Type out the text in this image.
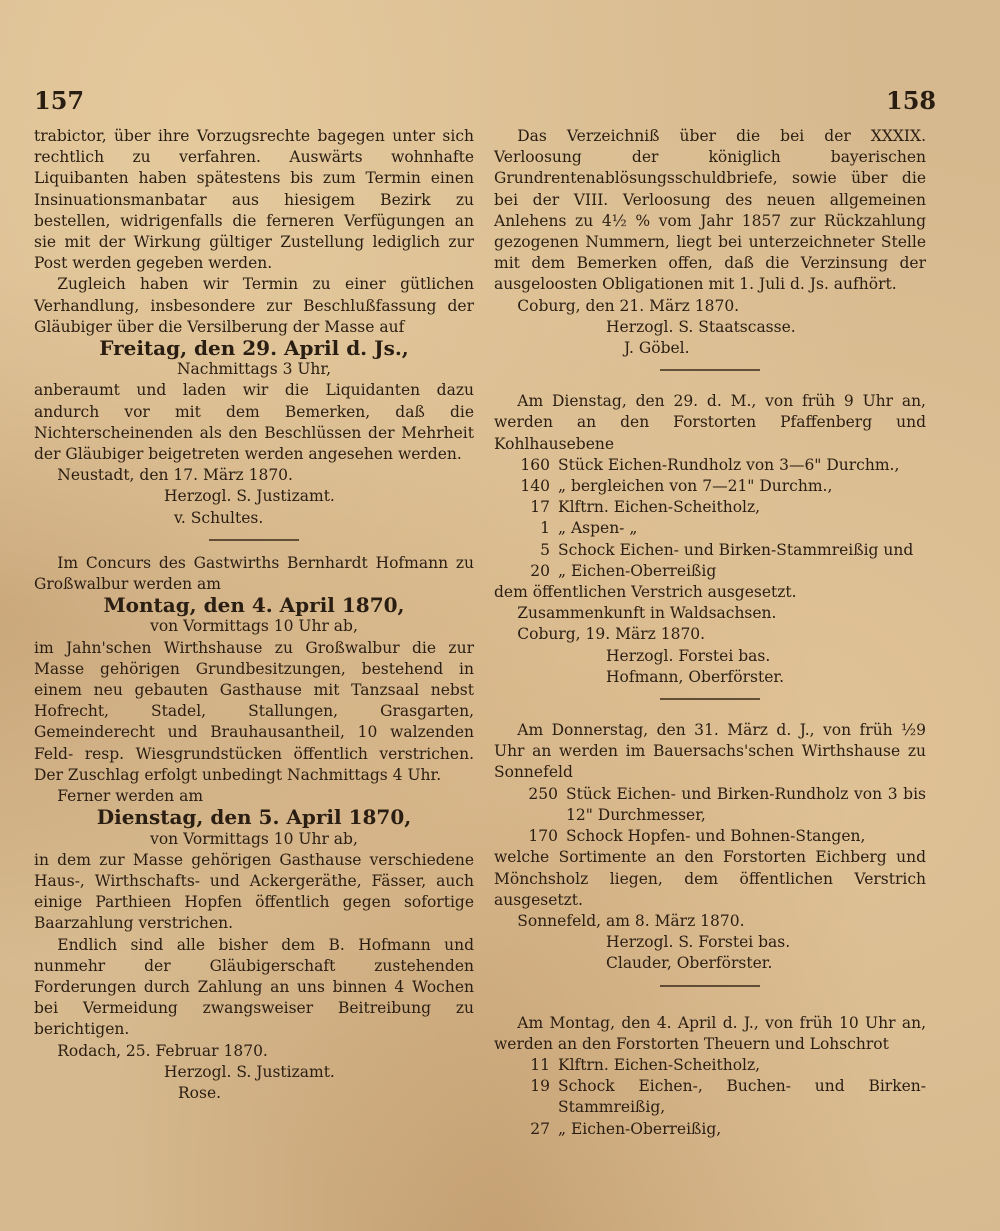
157	158

trabictor, über ihre Vorzugsrechte bagegen unter sich rechtlich zu verfahren. Auswärts wohnhafte Liquibanten haben spätestens bis zum Termin einen Insinuationsmanbatar aus hiesigem Bezirk zu bestellen, widrigenfalls die ferneren Verfügungen an sie mit der Wirkung gültiger Zustellung lediglich zur Post werden gegeben werden.

Zugleich haben wir Termin zu einer gütlichen Verhandlung, insbesondere zur Beschlußfassung der Gläubiger über die Versilberung der Masse auf

Freitag, den 29. April d. Js.,

Nachmittags 3 Uhr,

anberaumt und laden wir die Liquidanten dazu andurch vor mit dem Bemerken, daß die Nichterscheinenden als den Beschlüssen der Mehrheit der Gläubiger beigetreten werden angesehen werden.

Neustadt, den 17. März 1870.

Herzogl. S. Justizamt.

v. Schultes.

Im Concurs des Gastwirths Bernhardt Hofmann zu Großwalbur werden am

Montag, den 4. April 1870,

von Vormittags 10 Uhr ab,

im Jahn'schen Wirthshause zu Großwalbur die zur Masse gehörigen Grundbesitzungen, bestehend in einem neu gebauten Gasthause mit Tanzsaal nebst Hofrecht, Stadel, Stallungen, Grasgarten, Gemeinderecht und Brauhausantheil, 10 walzenden Feld- resp. Wiesgrundstücken öffentlich verstrichen. Der Zuschlag erfolgt unbedingt Nachmittags 4 Uhr.

Ferner werden am

Dienstag, den 5. April 1870,

von Vormittags 10 Uhr ab,

in dem zur Masse gehörigen Gasthause verschiedene Haus-, Wirthschafts- und Ackergeräthe, Fässer, auch einige Parthieen Hopfen öffentlich gegen sofortige Baarzahlung verstrichen.

Endlich sind alle bisher dem B. Hofmann und nunmehr der Gläubigerschaft zustehenden Forderungen durch Zahlung an uns binnen 4 Wochen bei Vermeidung zwangsweiser Beitreibung zu berichtigen.

Rodach, 25. Februar 1870.

Herzogl. S. Justizamt.

Rose.

Das Verzeichniß über die bei der XXXIX. Verloosung der königlich bayerischen Grundrentenablösungsschuldbriefe, sowie über die bei der VIII. Verloosung des neuen allgemeinen Anlehens zu 4½ % vom Jahr 1857 zur Rückzahlung gezogenen Nummern, liegt bei unterzeichneter Stelle mit dem Bemerken offen, daß die Verzinsung der ausgeloosten Obligationen mit 1. Juli d. Js. aufhört.

Coburg, den 21. März 1870.

Herzogl. S. Staatscasse.

J. Göbel.

Am Dienstag, den 29. d. M., von früh 9 Uhr an, werden an den Forstorten Pfaffenberg und Kohlhausebene

160 Stück Eichen-Rundholz von 3—6" Durchm.,
140 „ bergleichen von 7—21" Durchm.,
17 Klftrn. Eichen-Scheitholz,
1 „ Aspen- „
5 Schock Eichen- und Birken-Stammreißig und
20 „ Eichen-Oberreißig

dem öffentlichen Verstrich ausgesetzt.

Zusammenkunft in Waldsachsen.

Coburg, 19. März 1870.

Herzogl. Forstei bas.

Hofmann, Oberförster.

Am Donnerstag, den 31. März d. J., von früh ½9 Uhr an werden im Bauersachs'schen Wirthshause zu Sonnefeld

250 Stück Eichen- und Birken-Rundholz von 3 bis 12" Durchmesser,
170 Schock Hopfen- und Bohnen-Stangen,

welche Sortimente an den Forstorten Eichberg und Mönchsholz liegen, dem öffentlichen Verstrich ausgesetzt.

Sonnefeld, am 8. März 1870.

Herzogl. S. Forstei bas.

Clauder, Oberförster.

Am Montag, den 4. April d. J., von früh 10 Uhr an, werden an den Forstorten Theuern und Lohschrot

11 Klftrn. Eichen-Scheitholz,
19 Schock Eichen-, Buchen- und Birken-Stammreißig,
27 „ Eichen-Oberreißig,
